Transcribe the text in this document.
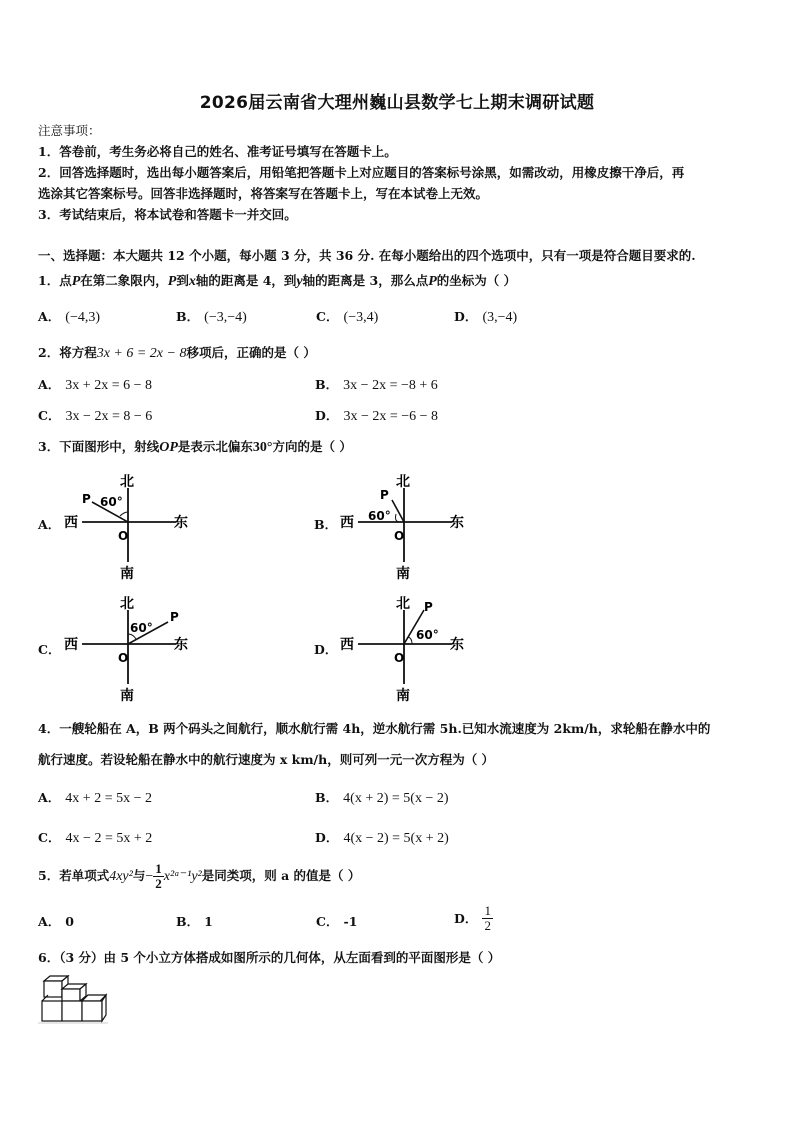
2026届云南省大理州巍山县数学七上期末调研试题
注意事项：
1．答卷前，考生务必将自己的姓名、准考证号填写在答题卡上。
2．回答选择题时，选出每小题答案后，用铅笔把答题卡上对应题目的答案标号涂黑，如需改动，用橡皮擦干净后，再
选涂其它答案标号。回答非选择题时，将答案写在答题卡上，写在本试卷上无效。
3．考试结束后，将本试卷和答题卡一并交回。
一、选择题：本大题共 12 个小题，每小题 3 分，共 36 分. 在每小题给出的四个选项中，只有一项是符合题目要求的.
1．点P在第二象限内，P到x轴的距离是 4，到y轴的距离是 3，那么点P的坐标为（ ）
A． (−4,3)	B． (−3,−4)	C． (−3,4)	D． (3,−4)
2．将方程3x + 6 = 2x − 8移项后，正确的是（ ）
A． 3x + 2x = 6 − 8	B． 3x − 2x = −8 + 6
C． 3x − 2x = 8 − 6	D． 3x − 2x = −6 − 8
3．下面图形中，射线OP是表示北偏东30°方向的是（ ）
A．	B．
C．	D．
北
南
西	东
O
P 60°
北
南
西	东
O
P
60°
北
南
西	东
O
P
60°
北
南
西	东
O
P
60°
4．一艘轮船在 A，B 两个码头之间航行，顺水航行需 4h，逆水航行需 5h.已知水流速度为 2km/h，求轮船在静水中的
航行速度。若设轮船在静水中的航行速度为 x km/h，则可列一元一次方程为（ ）
A． 4x + 2 = 5x − 2	B． 4(x + 2) = 5(x − 2)
C． 4x − 2 = 5x + 2	D． 4(x − 2) = 5(x + 2)
5．若单项式4xy²与− $\frac{1}{2}$ x²ᵃ⁻¹y²是同类项，则 a 的值是（ ）
A． 0	B． 1	C． -1	D． $\frac{1}{2}$
6．（3 分）由 5 个小立方体搭成如图所示的几何体，从左面看到的平面图形是（ ）
